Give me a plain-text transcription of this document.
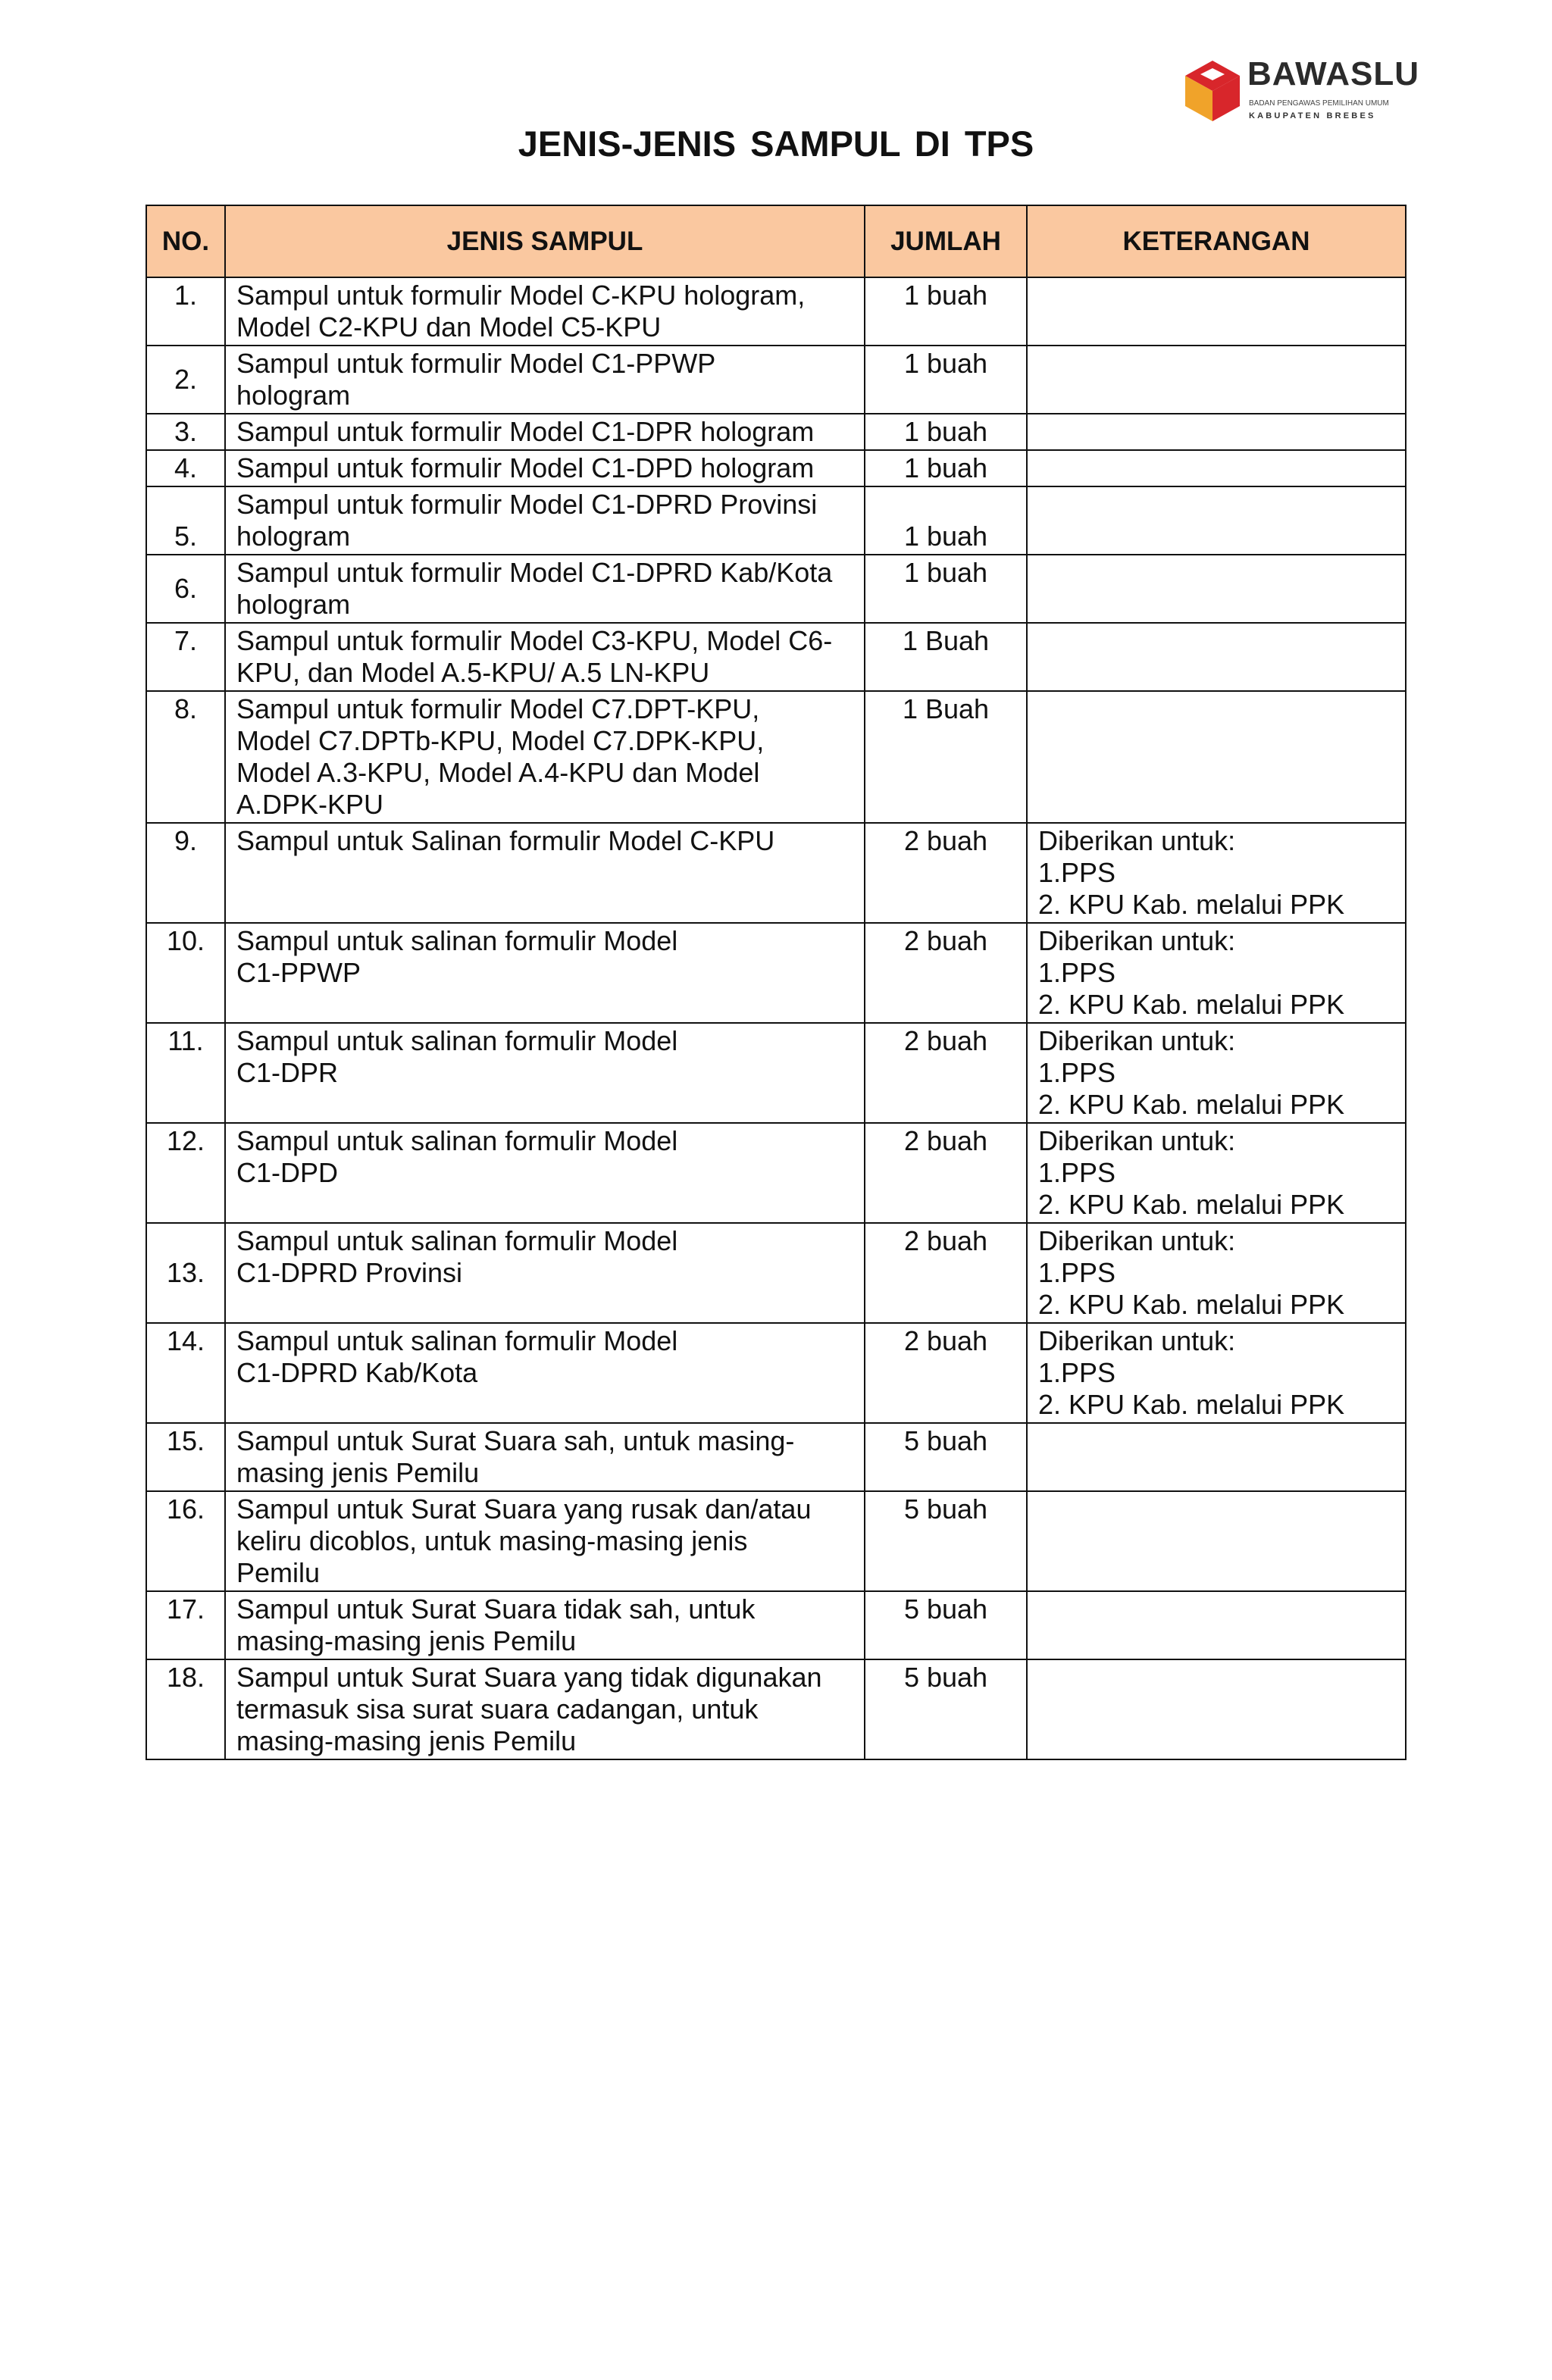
BAWASLU
BADAN PENGAWAS PEMILIHAN UMUM
KABUPATEN BREBES
JENIS-JENIS SAMPUL DI TPS
NO.	JENIS SAMPUL	JUMLAH	KETERANGAN
1.	Sampul untuk formulir Model C-KPU hologram,
Model C2-KPU dan Model C5-KPU	1 buah	
2.	Sampul untuk formulir Model C1-PPWP
hologram	1 buah	
3.	Sampul untuk formulir Model C1-DPR hologram	1 buah	
4.	Sampul untuk formulir Model C1-DPD hologram	1 buah	
5.	Sampul untuk formulir Model C1-DPRD Provinsi
hologram	1 buah	
6.	Sampul untuk formulir Model C1-DPRD Kab/Kota
hologram	1 buah	
7.	Sampul untuk formulir Model C3-KPU, Model C6-
KPU, dan Model A.5-KPU/ A.5 LN-KPU	1 Buah	
8.	Sampul untuk formulir Model C7.DPT-KPU,
Model C7.DPTb-KPU, Model C7.DPK-KPU,
Model A.3-KPU, Model A.4-KPU dan Model
A.DPK-KPU	1 Buah	
9.	Sampul untuk Salinan formulir Model C-KPU	2 buah	Diberikan untuk:
1.PPS
2. KPU Kab. melalui PPK

10.	Sampul untuk salinan formulir Model
C1-PPWP	2 buah	Diberikan untuk:
1.PPS
2. KPU Kab. melalui PPK

11.	Sampul untuk salinan formulir Model
C1-DPR	2 buah	Diberikan untuk:
1.PPS
2. KPU Kab. melalui PPK

12.	Sampul untuk salinan formulir Model
C1-DPD	2 buah	Diberikan untuk:
1.PPS
2. KPU Kab. melalui PPK

13.	Sampul untuk salinan formulir Model
C1-DPRD Provinsi	2 buah	Diberikan untuk:
1.PPS
2. KPU Kab. melalui PPK

14.	Sampul untuk salinan formulir Model
C1-DPRD Kab/Kota	2 buah	Diberikan untuk:
1.PPS
2. KPU Kab. melalui PPK

15.	Sampul untuk Surat Suara sah, untuk masing-
masing jenis Pemilu	5 buah	
16.	Sampul untuk Surat Suara yang rusak dan/atau
keliru dicoblos, untuk masing-masing jenis
Pemilu	5 buah	
17.	Sampul untuk Surat Suara tidak sah, untuk
masing-masing jenis Pemilu	5 buah	
18.	Sampul untuk Surat Suara yang tidak digunakan
termasuk sisa surat suara cadangan, untuk
masing-masing jenis Pemilu	5 buah	
